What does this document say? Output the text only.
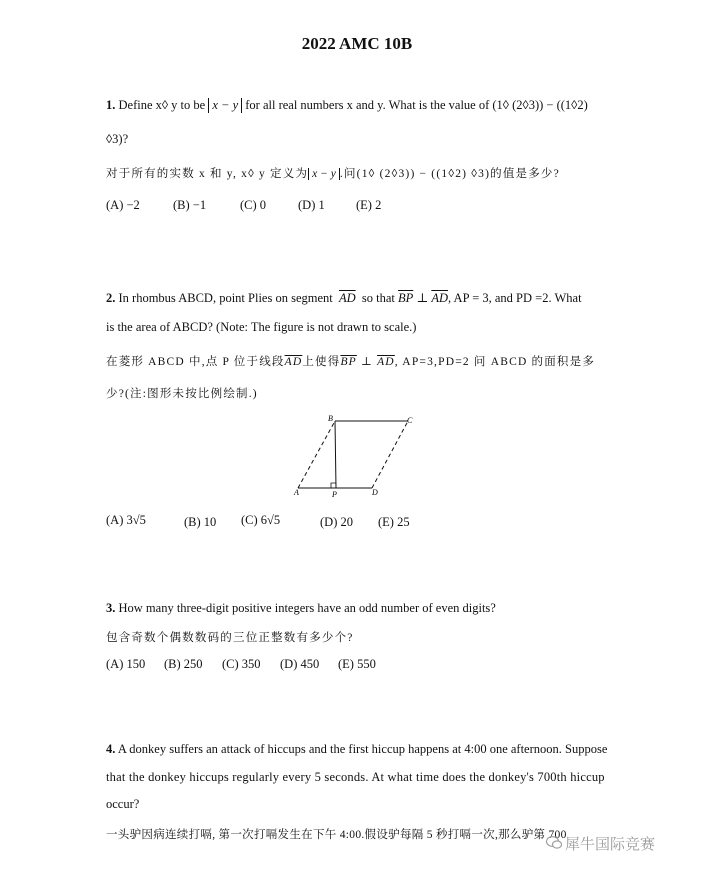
2022 AMC 10B
1. Define x◊ y to be x − y for all real numbers x and y. What is the value of (1◊ (2◊3)) − ((1◊2)
◊3)?
对于所有的实数 x 和 y, x◊ y 定义为 x − y .问(1◊ (2◊3)) − ((1◊2) ◊3)的值是多少?
(A) −2	(B) −1	(C) 0	(D) 1	(E) 2
2. In rhombus ABCD, point Plies on segment $\overline{AD}$ so that $\overline{BP}$ ⊥ $\overline{AD}$, AP = 3, and PD =2. What
is the area of ABCD? (Note: The figure is not drawn to scale.)
在菱形 ABCD 中,点 P 位于线段$\overline{AD}$上使得$\overline{BP}$ ⊥ $\overline{AD}$, AP=3,PD=2 问 ABCD 的面积是多
少?(注:图形未按比例绘制.)
B	C
A	P	D
(A) 3√5	(B) 10 (C) 6√5	(D) 20 (E) 25
3. How many three-digit positive integers have an odd number of even digits?
包含奇数个偶数数码的三位正整数有多少个?
(A) 150 (B) 250 (C) 350 (D) 450 (E) 550
4. A donkey suffers an attack of hiccups and the first hiccup happens at 4:00 one afternoon. Suppose
that the donkey hiccups regularly every 5 seconds. At what time does the donkey's 700th hiccup
occur?
一头驴因病连续打嗝, 第一次打嗝发生在下午 4:00.假设驴每隔 5 秒打嗝一次,那么驴第 700
犀牛国际竞赛
